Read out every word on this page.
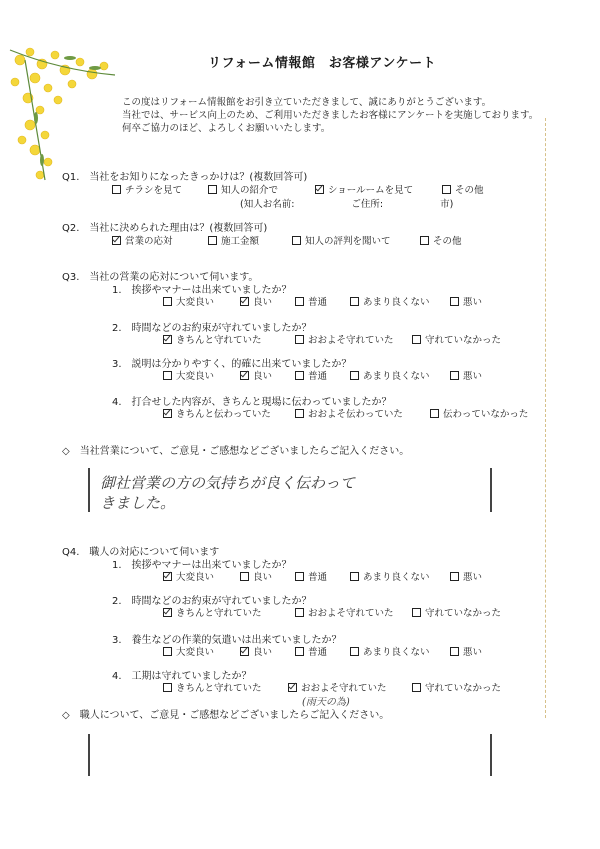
リフォーム情報館　お客様アンケート
この度はリフォーム情報館をお引き立ていただきまして、誠にありがとうございます。
当社では、サービス向上のため、ご利用いただきましたお客様にアンケートを実施しております。
何卒ご協力のほど、よろしくお願いいたします。
Q1.　当社をお知りになったきっかけは？(複数回答可)
チラシを見て	知人の紹介で	ショールームを見て	その他
(知人お名前:　　　　　　ご住所:　　　　　　市)
Q2.　当社に決められた理由は？(複数回答可)
営業の応対	施工金額	知人の評判を聞いて	その他
Q3.　当社の営業の応対について伺います。
1.　挨拶やマナーは出来ていましたか？
大変良い	良い	普通	あまり良くない	悪い
2.　時間などのお約束が守れていましたか？
きちんと守れていた	おおよそ守れていた	守れていなかった
3.　説明は分かりやすく、的確に出来ていましたか？
大変良い	良い	普通	あまり良くない	悪い
4.　打合せした内容が、きちんと現場に伝わっていましたか？
きちんと伝わっていた	おおよそ伝わっていた	伝わっていなかった
◇　当社営業について、ご意見・ご感想などございましたらご記入ください。
御社営業の方の気持ちが良く伝わって
きました。
Q4.　職人の対応について伺います
1.　挨拶やマナーは出来ていましたか？
大変良い	良い	普通	あまり良くない	悪い
2.　時間などのお約束が守れていましたか？
きちんと守れていた	おおよそ守れていた	守れていなかった
3.　養生などの作業的気遣いは出来ていましたか？
大変良い	良い	普通	あまり良くない	悪い
4.　工期は守れていましたか？
きちんと守れていた	おおよそ守れていた	守れていなかった
(雨天の為)
◇　職人について、ご意見・ご感想などございましたらご記入ください。
